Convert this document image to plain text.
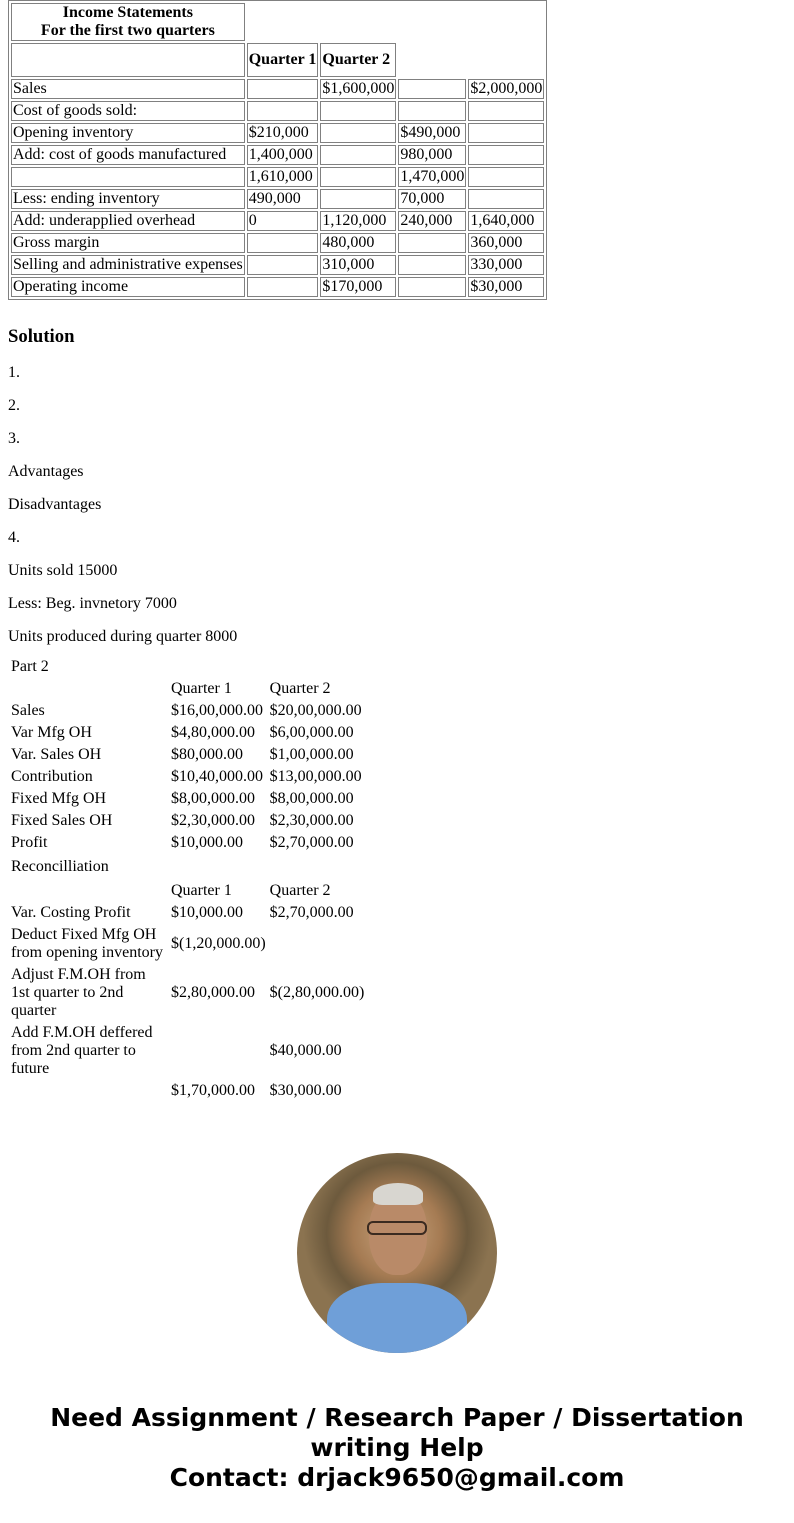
Income Statements
For the first two quarters				
	Quarter 1	Quarter 2		
Sales		$1,600,000		$2,000,000
Cost of goods sold:				
Opening inventory	$210,000		$490,000	
Add: cost of goods manufactured	1,400,000		980,000	
	1,610,000		1,470,000	
Less: ending inventory	490,000		70,000	
Add: underapplied overhead	0	1,120,000	240,000	1,640,000
Gross margin		480,000		360,000
Selling and administrative expenses		310,000		330,000
Operating income		$170,000		$30,000
Solution

1.

2.

3.

Advantages

Disadvantages

4.

Units sold 15000

Less: Beg. invnetory 7000

Units produced during quarter 8000

Part 2		
	Quarter 1	Quarter 2
Sales	$16,00,000.00	$20,00,000.00
Var Mfg OH	$4,80,000.00	$6,00,000.00
Var. Sales OH	$80,000.00	$1,00,000.00
Contribution	$10,40,000.00	$13,00,000.00
Fixed Mfg OH	$8,00,000.00	$8,00,000.00
Fixed Sales OH	$2,30,000.00	$2,30,000.00
Profit	$10,000.00	$2,70,000.00
Reconcilliation		
	Quarter 1	Quarter 2
Var. Costing Profit	$10,000.00	$2,70,000.00
Deduct Fixed Mfg OH from opening inventory	$(1,20,000.00)	
Adjust F.M.OH from 1st quarter to 2nd quarter	$2,80,000.00	$(2,80,000.00)
Add F.M.OH deffered from 2nd quarter to future		$40,000.00
	$1,70,000.00	$30,000.00
Need Assignment / Research Paper / Dissertation writing Help
Contact: drjack9650@gmail.com
